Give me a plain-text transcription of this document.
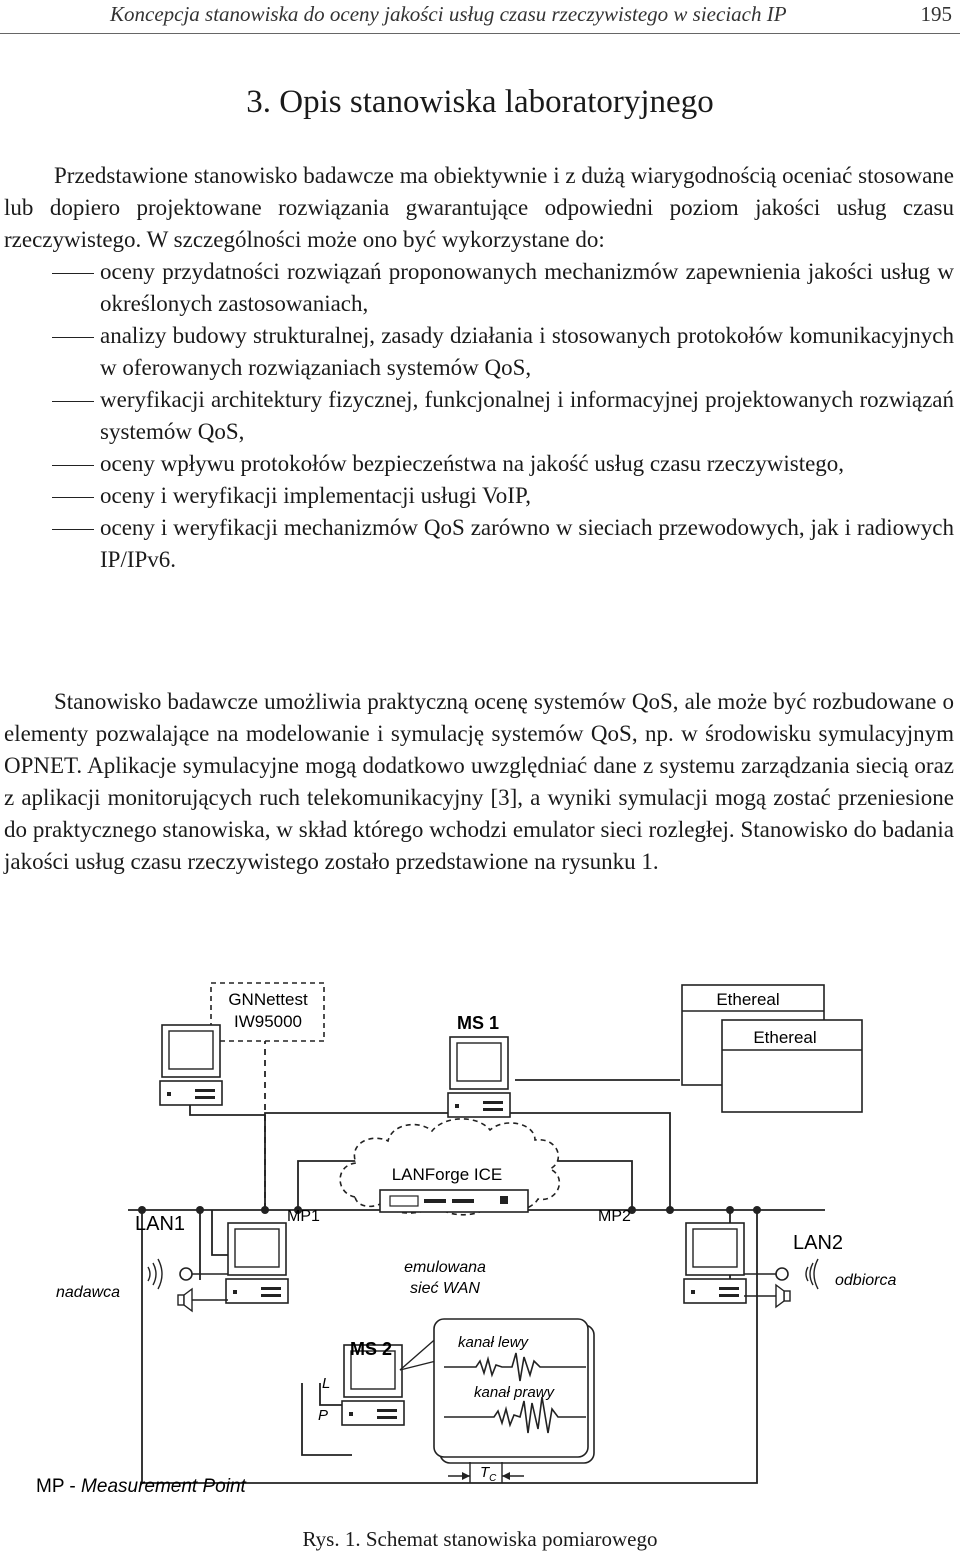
Koncepcja stanowiska do oceny jakości usług czasu rzeczywistego w sieciach IP	195
3. Opis stanowiska laboratoryjnego

Przedstawione stanowisko badawcze ma obiektywnie i z dużą wiarygodnością oceniać stosowane lub dopiero projektowane rozwiązania gwarantujące odpowiedni poziom jakości usług czasu rzeczywistego. W szczególności może ono być wykorzystane do:

oceny przydatności rozwiązań proponowanych mechanizmów zapewnienia jakości usług w określonych zastosowaniach,
analizy budowy strukturalnej, zasady działania i stosowanych protokołów komunikacyjnych w oferowanych rozwiązaniach systemów QoS,
weryfikacji architektury fizycznej, funkcjonalnej i informacyjnej projektowanych rozwiązań systemów QoS,
oceny wpływu protokołów bezpieczeństwa na jakość usług czasu rzeczywistego,
oceny i weryfikacji implementacji usługi VoIP,
oceny i weryfikacji mechanizmów QoS zarówno w sieciach przewodowych, jak i radiowych IP/IPv6.

Stanowisko badawcze umożliwia praktyczną ocenę systemów QoS, ale może być rozbudowane o elementy pozwalające na modelowanie i symulację systemów QoS, np. w środowisku symulacyjnym OPNET. Aplikacje symulacyjne mogą dodatkowo uwzględniać dane z systemu zarządzania siecią oraz z aplikacji monitorujących ruch telekomunikacyjny [3], a wyniki symulacji mogą zostać przeniesione do praktycznego stanowiska, w skład którego wchodzi emulator sieci rozległej. Stanowisko do badania jakości usług czasu rzeczywistego zostało przedstawione na rysunku 1.

GNNettest
IW95000	MS 1
Ethereal
Ethereal
LANForge ICE
MP1	MP2
LAN1
LAN2
nadawca
odbiorca
emulowana
sieć WAN
MS 2
L
P
kanał lewy
kanał prawy
$T_C$
MP - Measurement Point
Rys. 1. Schemat stanowiska pomiarowego
